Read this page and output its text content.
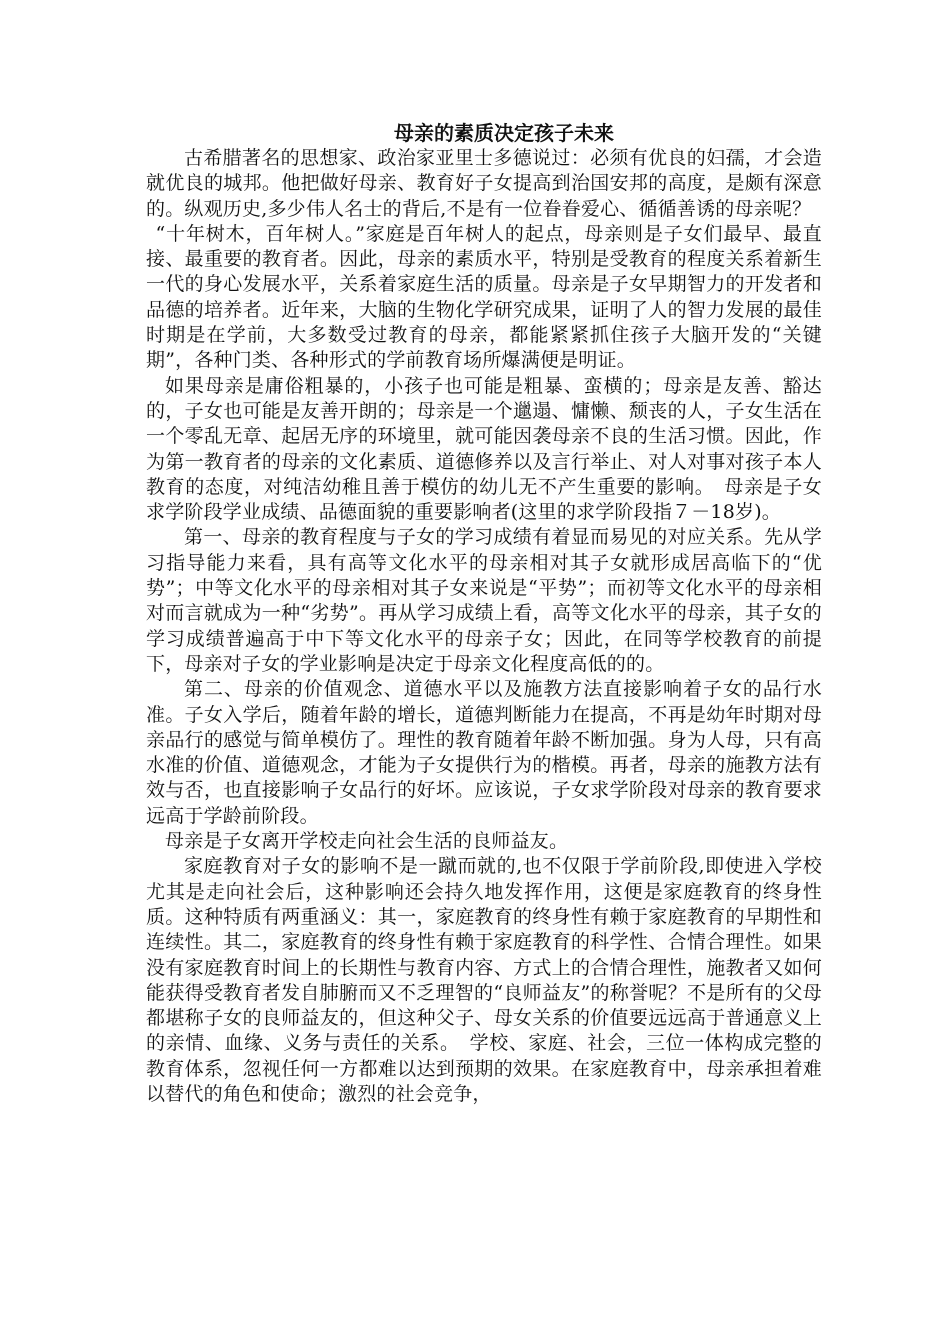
母亲的素质决定孩子未来

古希腊著名的思想家、政治家亚里士多德说过：必须有优良的妇孺，才会造就优良的城邦。他把做好母亲、教育好子女提高到治国安邦的高度，是颇有深意的。纵观历史,多少伟人名士的背后,不是有一位眷眷爱心、循循善诱的母亲呢？

“十年树木，百年树人。”家庭是百年树人的起点，母亲则是子女们最早、最直接、最重要的教育者。因此，母亲的素质水平，特别是受教育的程度关系着新生一代的身心发展水平，关系着家庭生活的质量。母亲是子女早期智力的开发者和品德的培养者。近年来，大脑的生物化学研究成果，证明了人的智力发展的最佳时期是在学前，大多数受过教育的母亲，都能紧紧抓住孩子大脑开发的“关键期”，各种门类、各种形式的学前教育场所爆满便是明证。

如果母亲是庸俗粗暴的，小孩子也可能是粗暴、蛮横的；母亲是友善、豁达的，子女也可能是友善开朗的；母亲是一个邋遢、慵懒、颓丧的人，子女生活在一个零乱无章、起居无序的环境里，就可能因袭母亲不良的生活习惯。因此，作为第一教育者的母亲的文化素质、道德修养以及言行举止、对人对事对孩子本人教育的态度，对纯洁幼稚且善于模仿的幼儿无不产生重要的影响。　母亲是子女求学阶段学业成绩、品德面貌的重要影响者(这里的求学阶段指７－18岁)。

第一、母亲的教育程度与子女的学习成绩有着显而易见的对应关系。先从学习指导能力来看，具有高等文化水平的母亲相对其子女就形成居高临下的“优势”；中等文化水平的母亲相对其子女来说是“平势”；而初等文化水平的母亲相对而言就成为一种“劣势”。再从学习成绩上看，高等文化水平的母亲，其子女的学习成绩普遍高于中下等文化水平的母亲子女；因此，在同等学校教育的前提下，母亲对子女的学业影响是决定于母亲文化程度高低的的。

第二、母亲的价值观念、道德水平以及施教方法直接影响着子女的品行水准。子女入学后，随着年龄的增长，道德判断能力在提高，不再是幼年时期对母亲品行的感觉与简单模仿了。理性的教育随着年龄不断加强。身为人母，只有高水准的价值、道德观念，才能为子女提供行为的楷模。再者，母亲的施教方法有效与否，也直接影响子女品行的好坏。应该说，子女求学阶段对母亲的教育要求远高于学龄前阶段。

母亲是子女离开学校走向社会生活的良师益友。

家庭教育对子女的影响不是一蹴而就的,也不仅限于学前阶段,即使进入学校尤其是走向社会后，这种影响还会持久地发挥作用，这便是家庭教育的终身性质。这种特质有两重涵义：其一，家庭教育的终身性有赖于家庭教育的早期性和连续性。其二，家庭教育的终身性有赖于家庭教育的科学性、合情合理性。如果没有家庭教育时间上的长期性与教育内容、方式上的合情合理性，施教者又如何能获得受教育者发自肺腑而又不乏理智的“良师益友”的称誉呢？不是所有的父母都堪称子女的良师益友的，但这种父子、母女关系的价值要远远高于普通意义上的亲情、血缘、义务与责任的关系。　学校、家庭、社会，三位一体构成完整的教育体系，忽视任何一方都难以达到预期的效果。在家庭教育中，母亲承担着难以替代的角色和使命；激烈的社会竞争，
